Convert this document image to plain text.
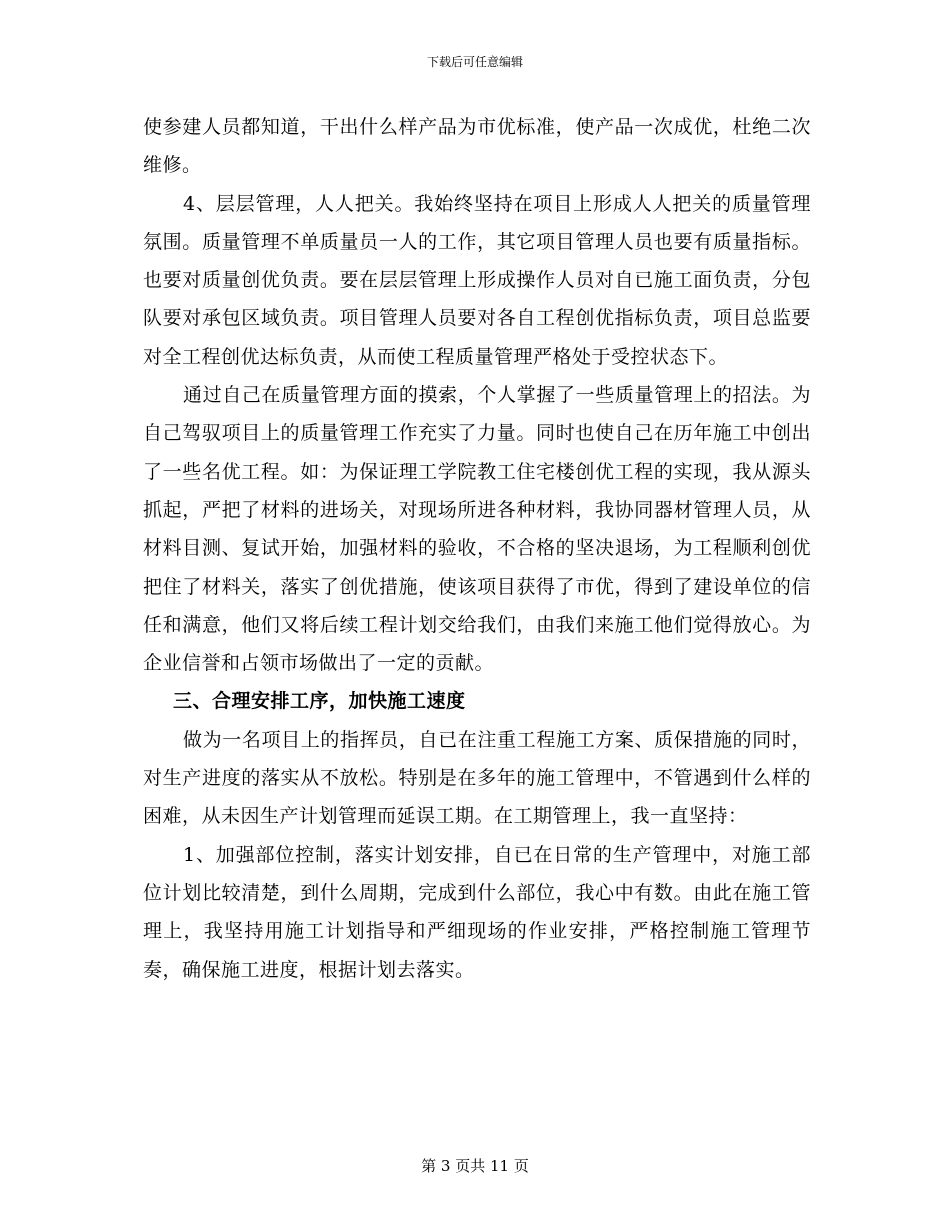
下载后可任意编辑

使参建人员都知道，干出什么样产品为市优标准，使产品一次成优，杜绝二次维修。

4、层层管理，人人把关。我始终坚持在项目上形成人人把关的质量管理氛围。质量管理不单质量员一人的工作，其它项目管理人员也要有质量指标。也要对质量创优负责。要在层层管理上形成操作人员对自已施工面负责，分包队要对承包区域负责。项目管理人员要对各自工程创优指标负责，项目总监要对全工程创优达标负责，从而使工程质量管理严格处于受控状态下。

通过自己在质量管理方面的摸索，个人掌握了一些质量管理上的招法。为自己驾驭项目上的质量管理工作充实了力量。同时也使自己在历年施工中创出了一些名优工程。如：为保证理工学院教工住宅楼创优工程的实现，我从源头抓起，严把了材料的进场关，对现场所进各种材料，我协同器材管理人员，从材料目测、复试开始，加强材料的验收，不合格的坚决退场，为工程顺利创优把住了材料关，落实了创优措施，使该项目获得了市优，得到了建设单位的信任和满意，他们又将后续工程计划交给我们，由我们来施工他们觉得放心。为企业信誉和占领市场做出了一定的贡献。

三、合理安排工序，加快施工速度

做为一名项目上的指挥员，自已在注重工程施工方案、质保措施的同时，对生产进度的落实从不放松。特别是在多年的施工管理中，不管遇到什么样的困难，从未因生产计划管理而延误工期。在工期管理上，我一直坚持：

1、加强部位控制，落实计划安排，自已在日常的生产管理中，对施工部位计划比较清楚，到什么周期，完成到什么部位，我心中有数。由此在施工管理上，我坚持用施工计划指导和严细现场的作业安排，严格控制施工管理节奏，确保施工进度，根据计划去落实。

第 3 页共 11 页
